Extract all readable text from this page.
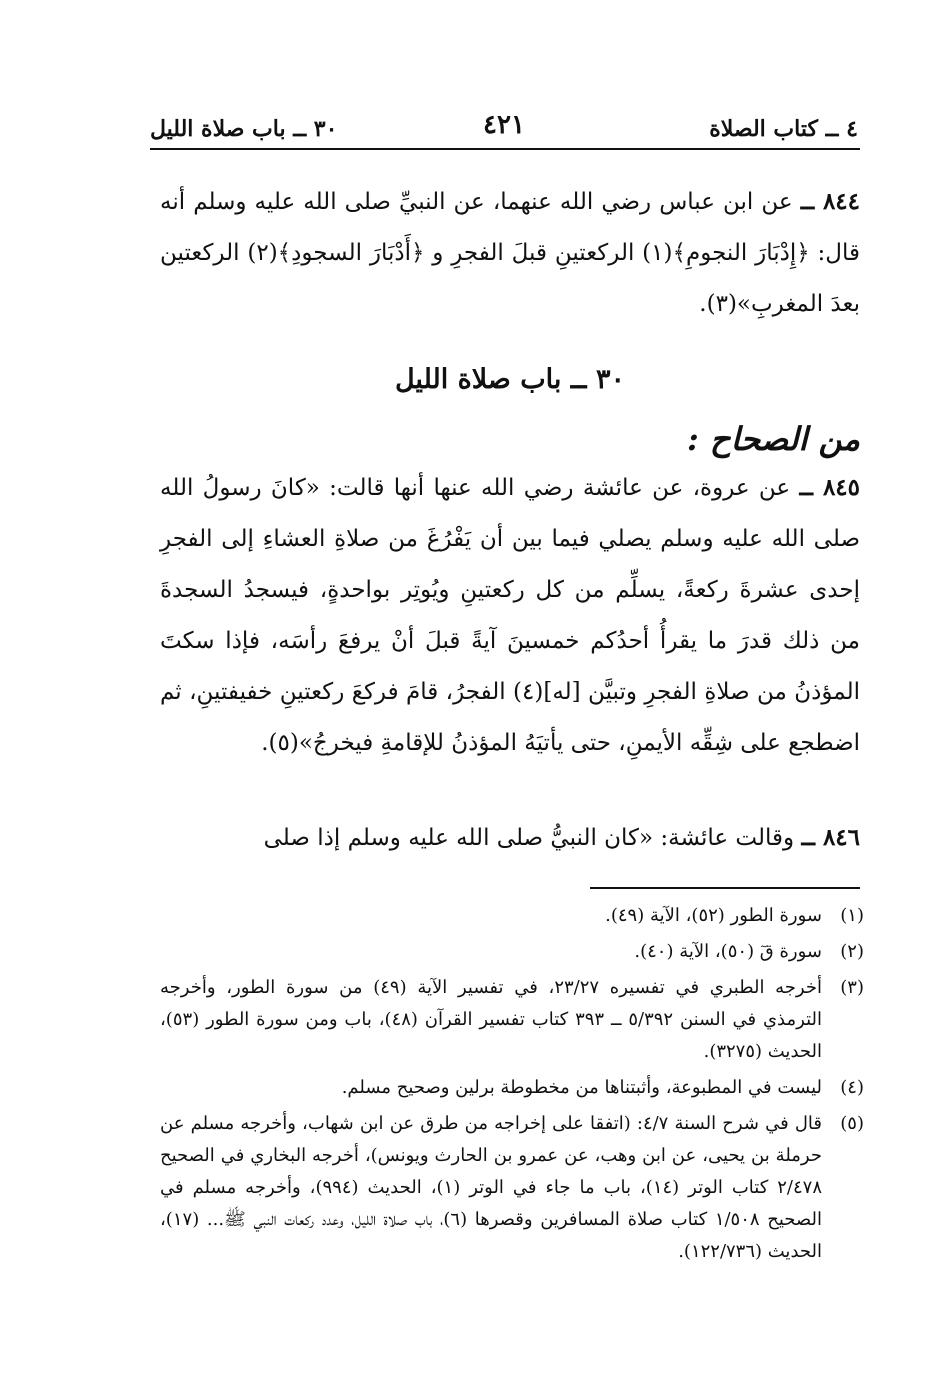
٤ ــ كتاب الصلاة
٤٢١
٣٠ ــ باب صلاة الليل

٨٤٤ ــ عن ابن عباس رضي الله عنهما، عن النبيِّ صلى الله عليه وسلم أنه قال: ﴿إِدْبَارَ النجومِ﴾(١) الركعتينِ قبلَ الفجرِ و ﴿أَدْبَارَ السجودِ﴾(٢) الركعتين بعدَ المغربِ»(٣).

٣٠ ــ باب صلاة الليل
من الصحاح :

٨٤٥ ــ عن عروة، عن عائشة رضي الله عنها أنها قالت: «كانَ رسولُ الله صلى الله عليه وسلم يصلي فيما بين أن يَفْرُغَ من صلاةِ العشاءِ إلى الفجرِ إحدى عشرةَ ركعةً، يسلِّم من كل ركعتينِ ويُوتِر بواحدةٍ، فيسجدُ السجدةَ من ذلك قدرَ ما يقرأُ أحدُكم خمسينَ آيةً قبلَ أنْ يرفعَ رأسَه، فإذا سكتَ المؤذنُ من صلاةِ الفجرِ وتبيَّن [له](٤) الفجرُ، قامَ فركعَ ركعتينِ خفيفتينِ، ثم اضطجع على شِقِّه الأيمنِ، حتى يأتيَهُ المؤذنُ للإقامةِ فيخرجُ»(٥).

٨٤٦ ــ وقالت عائشة: «كان النبيُّ صلى الله عليه وسلم إذا صلى

(١)
سورة الطور (٥٢)، الآية (٤٩).
(٢)
سورة قٓ (٥٠)، الآية (٤٠).
(٣)
أخرجه الطبري في تفسيره ٢٣/٢٧، في تفسير الآية (٤٩) من سورة الطور، وأخرجه الترمذي في السنن ٥/٣٩٢ ــ ٣٩٣ كتاب تفسير القرآن (٤٨)، باب ومن سورة الطور (٥٣)، الحديث (٣٢٧٥).
(٤)
ليست في المطبوعة، وأثبتناها من مخطوطة برلين وصحيح مسلم.
(٥)
قال في شرح السنة ٤/٧: (اتفقا على إخراجه من طرق عن ابن شهاب، وأخرجه مسلم عن حرملة بن يحيى، عن ابن وهب، عن عمرو بن الحارث ويونس)، أخرجه البخاري في الصحيح ٢/٤٧٨ كتاب الوتر (١٤)، باب ما جاء في الوتر (١)، الحديث (٩٩٤)، وأخرجه مسلم في الصحيح ١/٥٠٨ كتاب صلاة المسافرين وقصرها (٦)، باب صلاة الليل، وعدد ركعات النبي ﷺ... (١٧)، الحديث (١٢٢/٧٣٦).
